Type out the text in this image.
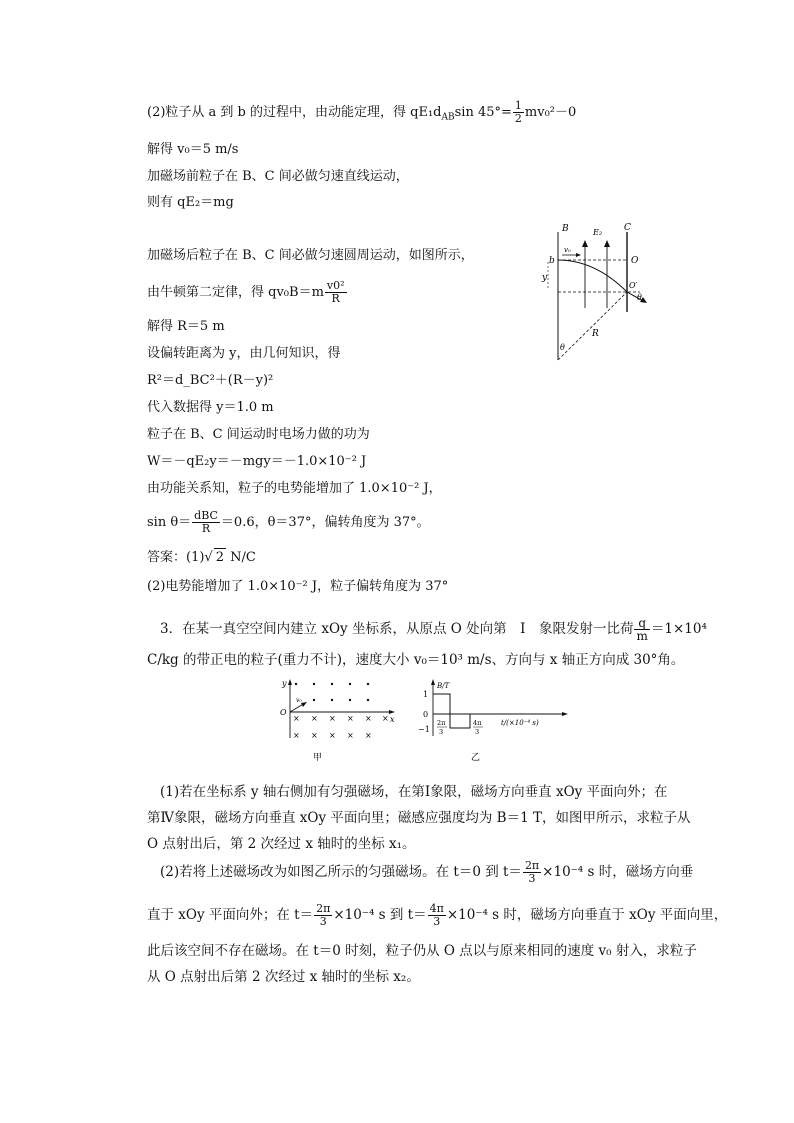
(2)粒子从 a 到 b 的过程中，由动能定理，得 $qE_1d_{AB}\sin$ $45^\circ= \frac{1}{2} mv_0^2-0$
解得 v₀＝5 m/s
加磁场前粒子在 B、C 间必做匀速直线运动，
则有 qE₂＝mg
加磁场后粒子在 B、C 间必做匀速圆周运动，如图所示，
由牛顿第二定律，得 $qv_0B=m \frac{\text{v0²}}{R}$
解得 R＝5 m
设偏转距离为 y，由几何知识，得
R²＝d_BC²＋(R－y)²
代入数据得 y＝1.0 m
粒子在 B、C 间运动时电场力做的功为
W＝－qE₂y＝－mgy＝－1.0×10⁻² J
由功能关系知，粒子的电势能增加了 1.0×10⁻² J，
$\sin \theta= \frac{\text{dBC}}{R} =0.6$，θ＝37°，偏转角度为 37°。
答案：(1)√ 2 N/C
(2)电势能增加了 1.0×10⁻² J，粒子偏转角度为 37°
B	E₂ C
v₀
b	O
O′
θ
y
R
θ
3．在某一真空空间内建立 xOy 坐标系，从原点 O 处向第　Ⅰ　象限发射一比荷 $\frac{q}{m} =1\times 10^4$
C/kg 的带正电的粒子(重力不计)，速度大小 v₀＝10³ m/s、方向与 x 轴正方向成 30°角。
× × × × × ×
× × × × ×
y
O
x
v₀
甲
B/T
1
0
−1
2π
3
4π
3
t/(×10⁻⁴ s)
乙
(1)若在坐标系 y 轴右侧加有匀强磁场，在第Ⅰ象限，磁场方向垂直 xOy 平面向外；在
第Ⅳ象限，磁场方向垂直 xOy 平面向里；磁感应强度均为 B＝1 T，如图甲所示，求粒子从
O 点射出后，第 2 次经过 x 轴时的坐标 x₁。
(2)若将上述磁场改为如图乙所示的匀强磁场。在 t＝0 到 $t= \frac{2\pi}{3} \times 10^{-4}$ s 时，磁场方向垂
直于 xOy 平面向外；在 $t= \frac{2\pi}{3} \times 10^{-4}$ s 到 $t= \frac{4\pi}{3} \times 10^{-4}$ s 时，磁场方向垂直于 xOy 平面向里，
此后该空间不存在磁场。在 t＝0 时刻，粒子仍从 O 点以与原来相同的速度 v₀ 射入，求粒子
从 O 点射出后第 2 次经过 x 轴时的坐标 x₂。
